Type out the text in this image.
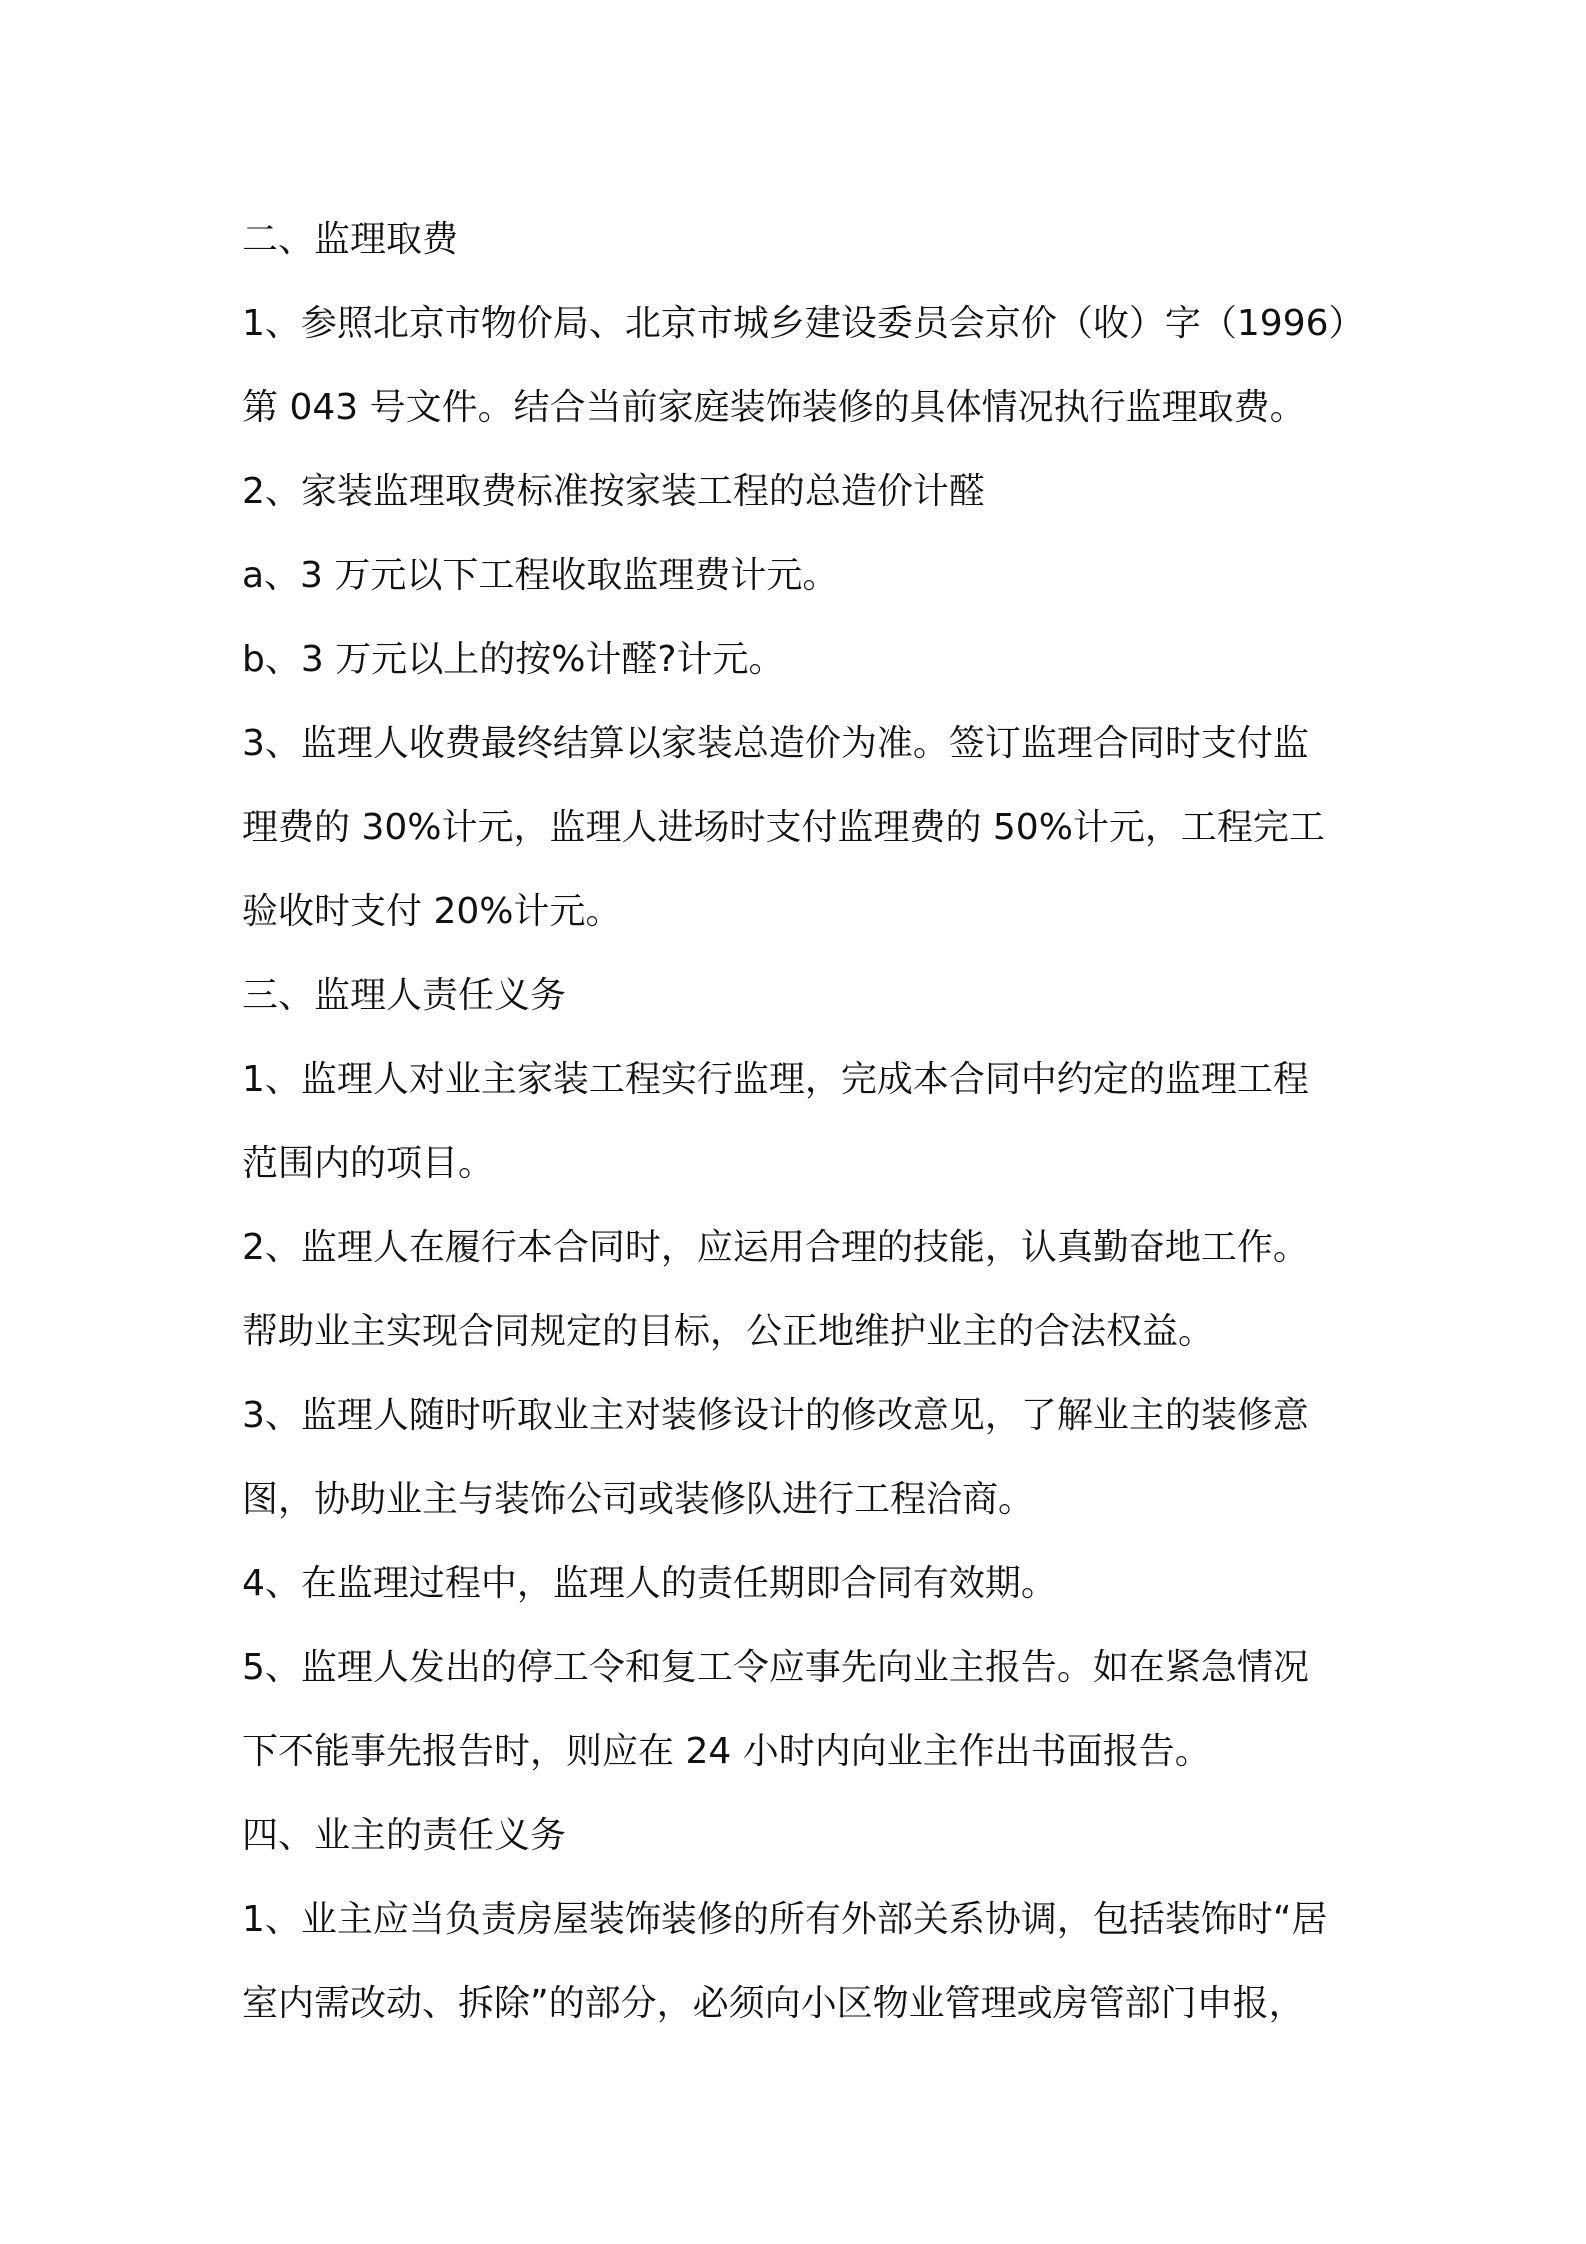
二、监理取费
1、参照北京市物价局、北京市城乡建设委员会京价（收）字（1996）
第 043 号文件。结合当前家庭装饰装修的具体情况执行监理取费。
2、家装监理取费标准按家装工程的总造价计醛
a、3 万元以下工程收取监理费计元。
b、3 万元以上的按%计醛?计元。
3、监理人收费最终结算以家装总造价为准。签订监理合同时支付监
理费的 30%计元，监理人进场时支付监理费的 50%计元，工程完工
验收时支付 20%计元。
三、监理人责任义务
1、监理人对业主家装工程实行监理，完成本合同中约定的监理工程
范围内的项目。
2、监理人在履行本合同时，应运用合理的技能，认真勤奋地工作。
帮助业主实现合同规定的目标，公正地维护业主的合法权益。
3、监理人随时听取业主对装修设计的修改意见，了解业主的装修意
图，协助业主与装饰公司或装修队进行工程洽商。
4、在监理过程中，监理人的责任期即合同有效期。
5、监理人发出的停工令和复工令应事先向业主报告。如在紧急情况
下不能事先报告时，则应在 24 小时内向业主作出书面报告。
四、业主的责任义务
1、业主应当负责房屋装饰装修的所有外部关系协调，包括装饰时“居
室内需改动、拆除”的部分，必须向小区物业管理或房管部门申报，
